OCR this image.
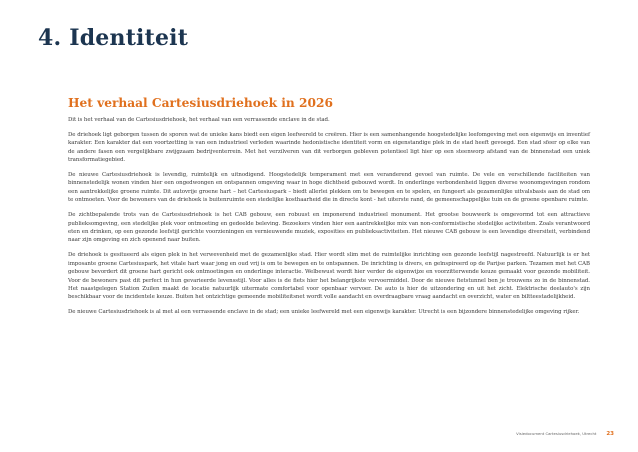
4. Identiteit
Het verhaal Cartesiusdriehoek in 2026

Dit is het verhaal van de Cartesiusdriehoek, het verhaal van een verrassende enclave in de stad.

De driehoek ligt geborgen tussen de sporen wat de unieke kans biedt een eigen leefwereld te creëren. Hier is een samenhangende hoogstedelijke leefomgeving met een eigenwijs en inventief karakter. Een karakter dat een voortzetting is van een industrieel verleden waarinde hedonistische identiteit vorm en eigenstandige plek in de stad heeft gevoegd. Een stad sfeer op elke van de andere fasen een vergelijkbare zwijgzaam bedrijventerrein. Met het verzilveren van dit verborgen gebleven potentieel ligt hier op een steenworp afstand van de binnenstad een uniek transformatiegebied.

De nieuwe Cartesiusdriehoek is levendig, ruimtelijk en uitnodigend. Hoogstedelijk temperament met een veranderend gevoel van ruimte. De vele en verschillende faciliteiten van binnenstedelijk wonen vinden hier een ongedwongen en ontspannen omgeving waar in hoge dichtheid gebouwd wordt. In onderlinge verbondenheid liggen diverse woonomgevingen rondom een aantrekkelijke groene ruimte. Dit autovrije groene hart – het Cartesiuspark – biedt allerlei plekken om te bewegen en te spelen, en fungeert als gezamenlijke uitvalsbasis aan de stad om te ontmoeten. Voor de bewoners van de driehoek is buitenruimte een stedelijke kosthaarheid die in directe kont - het uiterste rand, de gemeenschappelijke tuin en de groene openbare ruimte.

De zichtbepalende trots van de Cartesiusdriehoek is het CAB gebouw, een robuust en imponerend industrieel monument. Het grootse bouwwerk is omgevormd tot een attractieve publieksomgeving, een stedelijke plek voor ontmoeting en gedeelde beleving. Bezoekers vinden hier een aantrekkelijke mix van non-conformistische stedelijke activiteiten. Zoals verantwoord eten en drinken, op een gezonde leefstijl gerichte voorzieningen en vernieuwende muziek, exposities en publieksactiviteiten. Het nieuwe CAB gebouw is een levendige diversiteit, verbindend naar zijn omgeving en zich openend naar buiten.

De driehoek is gesitueerd als eigen plek in het verwevenheid met de gezamenlijke stad. Hier wordt slim met de ruimtelijke inrichting een gezonde leefstijl nagestreefd. Natuurlijk is er het imposante groene Cartesiuspark, het vitale hart waar jong en oud vrij is om te bewegen en te ontspannen. De inrichting is divers, en geïnspireerd op de Parijse parken. Tezamen met het CAB gebouw bevordert dit groene hart gericht ook ontmoetingen en onderlinge interactie. Welbewust wordt hier verder de eigenwijze en voorzitterwende keuze gemaakt voor gezonde mobiliteit. Voor de bewoners past dit perfect in hun gevarieerde levensstijl. Voor alles is de fiets hier het belangrijkste vervoermiddel. Door de nieuwe fietstunnel ben je trouwens zo in de binnenstad. Het naastgelegen Station Zuilen maakt de locatie natuurlijk uitermate comfortabel voor openbaar vervoer. De auto is hier de uitzondering en uit het zicht. Elektrische deelauto's zijn beschikbaar voor de incidentele keuze. Buiten het ontzichtige gemeende mobiliteitsnet wordt volle aandacht en overdraagbare vraag aandacht en overzicht, water en biltteestadelijkheid.

De nieuwe Cartesiusdriehoek is al met al een verrassende enclave in de stad; een unieke leefwereld met een eigenwijs karakter. Utrecht is een bijzondere binnenstedelijke omgeving rijker.

Visiedocument Cartesiusdriehoek, Utrecht 23
